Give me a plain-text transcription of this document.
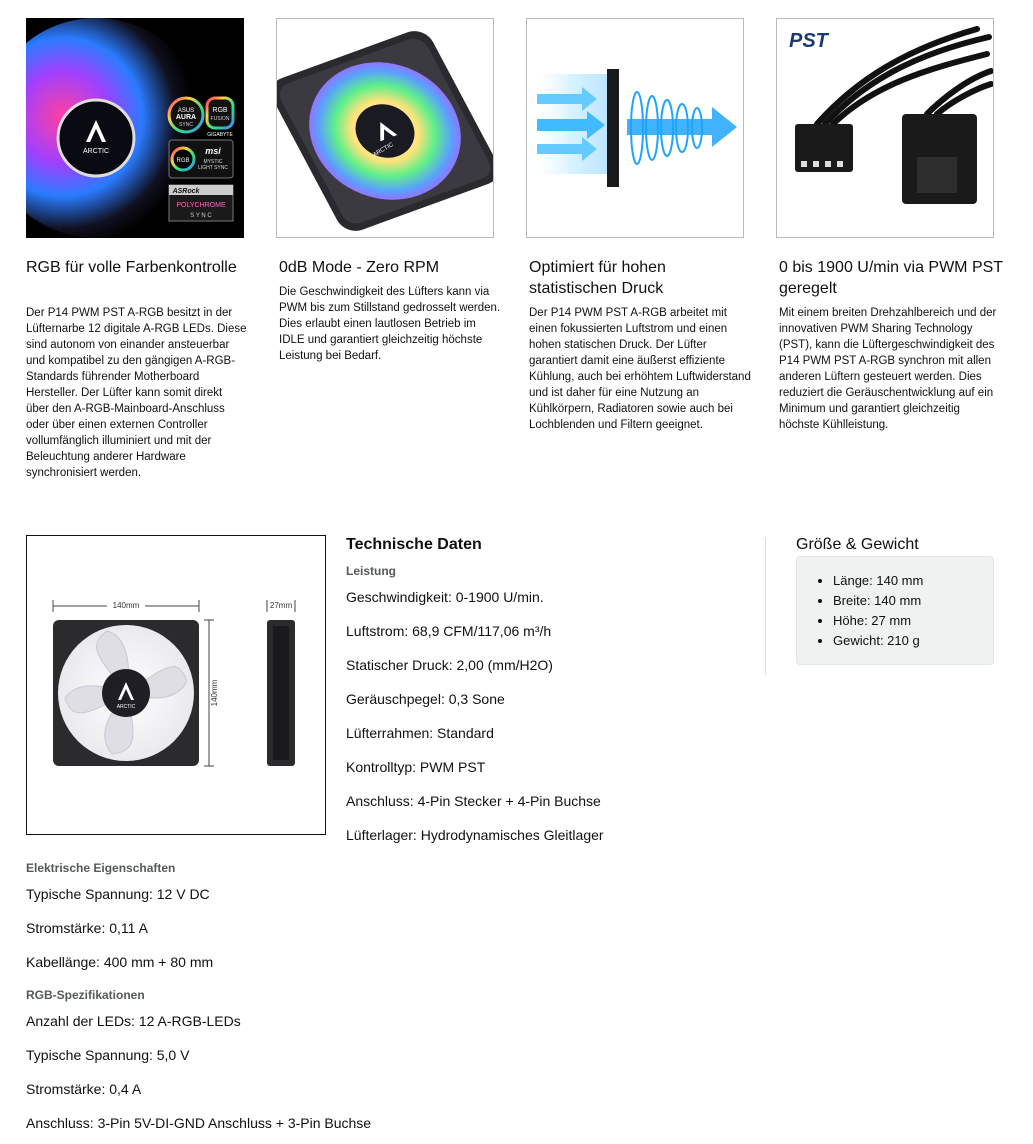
ARCTIC
ASUS
AURA
SYNC
RGB
FUSION
GIGABYTE
RGB
msi
MYSTIC
LIGHT SYNC
ASRock
POLYCHROME
S Y N C
ARCTIC
PST
RGB für volle Farbenkontrolle
Der P14 PWM PST A-RGB besitzt in der Lüfternarbe 12 digitale A-RGB LEDs. Diese sind autonom von einander ansteuerbar und kompatibel zu den gängigen A-RGB-Standards führender Motherboard Hersteller. Der Lüfter kann somit direkt über den A-RGB-Mainboard-Anschluss oder über einen externen Controller vollumfänglich illuminiert und mit der Beleuchtung anderer Hardware synchronisiert werden.
0dB Mode - Zero RPM
Die Geschwindigkeit des Lüfters kann via PWM bis zum Stillstand gedrosselt werden. Dies erlaubt einen lautlosen Betrieb im IDLE und garantiert gleichzeitig höchste Leistung bei Bedarf.
Optimiert für hohen statistischen Druck
Der P14 PWM PST A-RGB arbeitet mit einen fokussierten Luftstrom und einen hohen statischen Druck. Der Lüfter garantiert damit eine äußerst effiziente Kühlung, auch bei erhöhtem Luftwiderstand und ist daher für eine Nutzung an Kühlkörpern, Radiatoren sowie auch bei Lochblenden und Filtern geeignet.
0 bis 1900 U/min via PWM PST geregelt
Mit einem breiten Drehzahlbereich und der innovativen PWM Sharing Technology (PST), kann die Lüftergeschwindigkeit des P14 PWM PST A-RGB synchron mit allen anderen Lüftern gesteuert werden. Dies reduziert die Geräuschentwicklung auf ein Minimum und garantiert gleichzeitig höchste Kühlleistung.
140mm
140mm
ARCTIC
27mm
Technische Daten
Leistung
Geschwindigkeit: 0-1900 U/min.
Luftstrom: 68,9 CFM/117,06 m³/h
Statischer Druck: 2,00 (mm/H2O)
Geräuschpegel: 0,3 Sone
Lüfterrahmen: Standard
Kontrolltyp: PWM PST
Anschluss: 4-Pin Stecker + 4-Pin Buchse
Lüfterlager: Hydrodynamisches Gleitlager
Elektrische Eigenschaften
Typische Spannung: 12 V DC
Stromstärke: 0,11 A
Kabellänge: 400 mm + 80 mm
RGB-Spezifikationen
Anzahl der LEDs: 12 A-RGB-LEDs
Typische Spannung: 5,0 V
Stromstärke: 0,4 A
Anschluss: 3-Pin 5V-DI-GND Anschluss + 3-Pin Buchse
Größe & Gewicht
• Länge: 140 mm
• Breite: 140 mm
• Höhe: 27 mm
• Gewicht: 210 g
